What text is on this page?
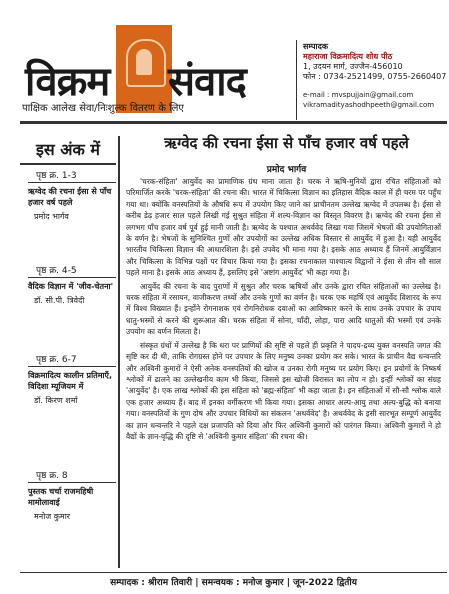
विक्रम संवाद
पाक्षिक आलेख सेवा/निःशुल्क वितरण के लिए
सम्पादक
महाराजा विक्रमादित्य शोध पीठ
1, उदयन मार्ग, उज्जैन-456010
फोन : 0734-2521499, 0755-2660407
e-mail : mvspujjain@gmail.com
vikramadityashodhpeeth@gmail.com
इस अंक में
पृष्ठ क्र. 1-3
ऋग्वेद की रचना ईसा से पाँच हजार वर्ष पहले
प्रमोद भार्गव
पृष्ठ क्र. 4-5
वैदिक विज्ञान में 'जीव-चेतना'
डॉ. सी.पी. त्रिवेदी
पृष्ठ क्र. 6-7
विक्रमादित्य कालीन प्रतिमाएँ, विदिशा म्यूजियम में
डॉ. किरण शर्मा
पृष्ठ क्र. 8
पुस्तक चर्चा राजमहिषी मामोलावाई
मनोज कुमार
ऋग्वेद की रचना ईसा से पाँच हजार वर्ष पहले
प्रमोद भार्गव

'चरक-संहिता' आयुर्वेद का प्रामाणिक ग्रंथ माना जाता है। चरक ने ऋषि-मुनियों द्वारा रचित संहिताओं को परिमार्जित करके 'चरक-संहिता' की रचना की। भारत में चिकित्सा विज्ञान का इतिहास वैदिक काल में ही चरम पर पहुँच गया था। क्योंकि वनस्पतियों के औषधि रूप में उपयोग किए जाने का प्राचीनतम उल्लेख ऋग्वेद में उपलब्ध है। ईसा से करीब डेढ़ हजार साल पहले लिखी गई सुश्रुत संहिता में शल्य-विज्ञान का विस्तृत विवरण है। ऋग्वेद की रचना ईसा से लगभग पाँच हजार वर्ष पूर्व हुई मानी जाती है। ऋग्वेद के पश्चात अथर्ववेद लिखा गया जिसमें भेषजों की उपयोगिताओं के वर्णन है। भेषजों के सुनिश्चित गुणों और उपयोगों का उल्लेख अधिक विस्तार से आयुर्वेद में हुआ है। यही आयुर्वेद भारतीय चिकित्सा विज्ञान की आधारशिला है। इसे उपवेद भी माना गया है। इसके आठ अध्याय हैं जिनमें आयुर्विज्ञान और चिकित्सा के विभिन्न पक्षों पर विचार किया गया है। इसका रचनाकाल पाश्चात्य विद्वानों ने ईसा से तीन सौ साल पहले माना है। इसके आठ अध्याय हैं, इसलिए इसे 'अष्टांग आयुर्वेद' भी कहा गया है।

आयुर्वेद की रचना के बाद पुराणों में सुश्रुत और चरक ऋषियों और उनके द्वारा रचित संहिताओं का उल्लेख है। चरक संहिता में रसायन, वाजीकरण तथ्यों और उनके गुणों का वर्णन है। चरक एक महर्षि एवं आयुर्वेद विशारद के रूप में विश्व विख्यात हैं। इन्होंने रोगनाशक एवं रोगनिरोधक दवाओं का आविष्कार करने के साथ उनके उपचार के उपाय धातु-भस्मों से करने की शुरूआत की। चरक संहिता में सोना, चाँदी, लोहा, पारा आदि धातुओं की भस्मों एवं उनके उपयोग का वर्णन मिलता है।

संस्कृत ग्रंथों में उल्लेख है कि धरा पर प्राणियों की सृष्टि से पहले ही प्रकृति ने पादप-द्रव्य युक्त वनस्पति जगत की सृष्टि कर दी थी, ताकि रोगग्रस्त होने पर उपचार के लिए मनुष्य उनका प्रयोग कर सके। भारत के प्राचीन वैद्य धन्वन्तरि और अश्विनी कुमारों ने ऐसी अनेक वनस्पतियों की खोज व उनका रोगी मनुष्य पर प्रयोग किए। इन प्रयोगों के निष्कर्ष श्लोकों में ढालने का उल्लेखनीय काम भी किया, जिससे इस खोजी विरासत का लोप न हो। इन्हीं श्लोकों का संग्रह 'आयुर्वेद' है। एक लाख श्लोकों की इस संहिता को 'ब्रह्म-संहिता' भी कहा जाता है। इन संहिताओं में सौ-सौ श्लोक वाले एक हजार अध्याय हैं। बाद में इनका वर्गीकरण भी किया गया। इसका आधार अल्प-आयु तथा अल्प-बुद्धि को बनाया गया। वनस्पतियों के गुण दोष और उपचार विधियों का संकलन 'अथर्ववेद' है। अथर्ववेद के इसी सारभूत सम्पूर्ण आयुर्वेद का ज्ञान धन्वन्तरि ने पहले दक्ष प्रजापति को दिया और फिर अश्विनी कुमारों को पारंगत किया। अश्विनी कुमारों ने हो वैद्यों के ज्ञान-वृद्धि की दृष्टि से 'अश्विनी कुमार संहिता' की रचना की।

सम्पादक : श्रीराम तिवारी | समन्वयक : मनोज कुमार | जून-2022 द्वितीय
